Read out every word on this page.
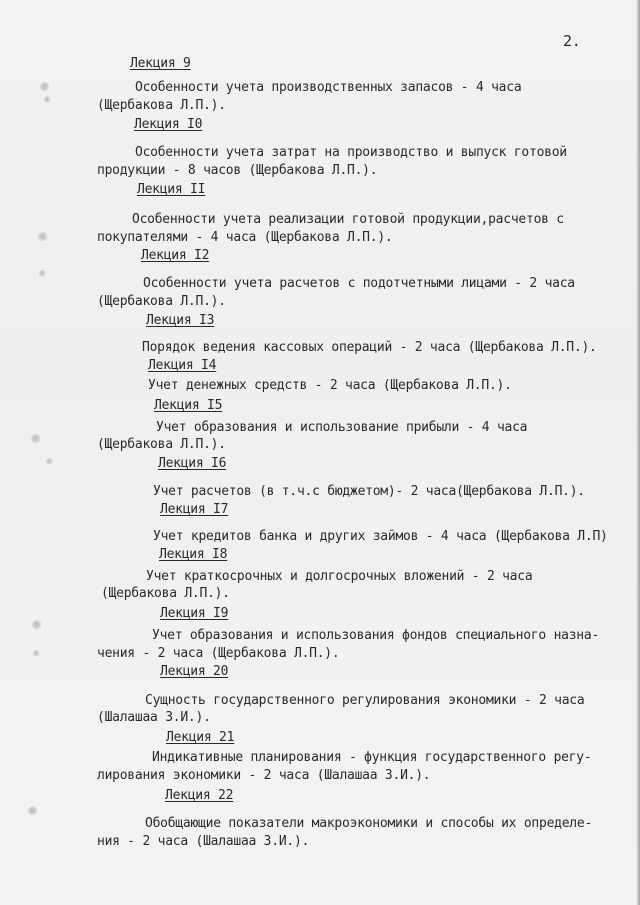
2.
Лекция 9
Особенности учета производственных запасов - 4 часа
(Щербакова Л.П.).
Лекция I0
Особенности учета затрат на производство и выпуск готовой
продукции - 8 часов (Щербакова Л.П.).
Лекция II
Особенности учета реализации готовой продукции,расчетов с
покупателями - 4 часа (Щербакова Л.П.).
Лекция I2
Особенности учета расчетов с подотчетными лицами - 2 часа
(Щербакова Л.П.).
Лекция I3
Порядок ведения кассовых операций - 2 часа (Щербакова Л.П.).
Лекция I4
Учет денежных средств - 2 часа (Щербакова Л.П.).
Лекция I5
Учет образования и использование прибыли - 4 часа
(Щербакова Л.П.).
Лекция I6
Учет расчетов (в т.ч.с бюджетом)- 2 часа(Щербакова Л.П.).
Лекция I7
Учет кредитов банка и других займов - 4 часа (Щербакова Л.П)
Лекция I8
Учет краткосрочных и долгосрочных вложений - 2 часа
(Щербакова Л.П.).
Лекция I9
Учет образования и использования фондов специального назна-
чения - 2 часа (Щербакова Л.П.).
Лекция 20
Сущность государственного регулирования экономики - 2 часа
(Шалашаа З.И.).
Лекция 21
Индикативные планирования - функция государственного регу-
лирования экономики - 2 часа (Шалашаа З.И.).
Лекция 22
Обобщающие показатели макроэкономики и способы их определе-
ния - 2 часа (Шалашаа З.И.).
